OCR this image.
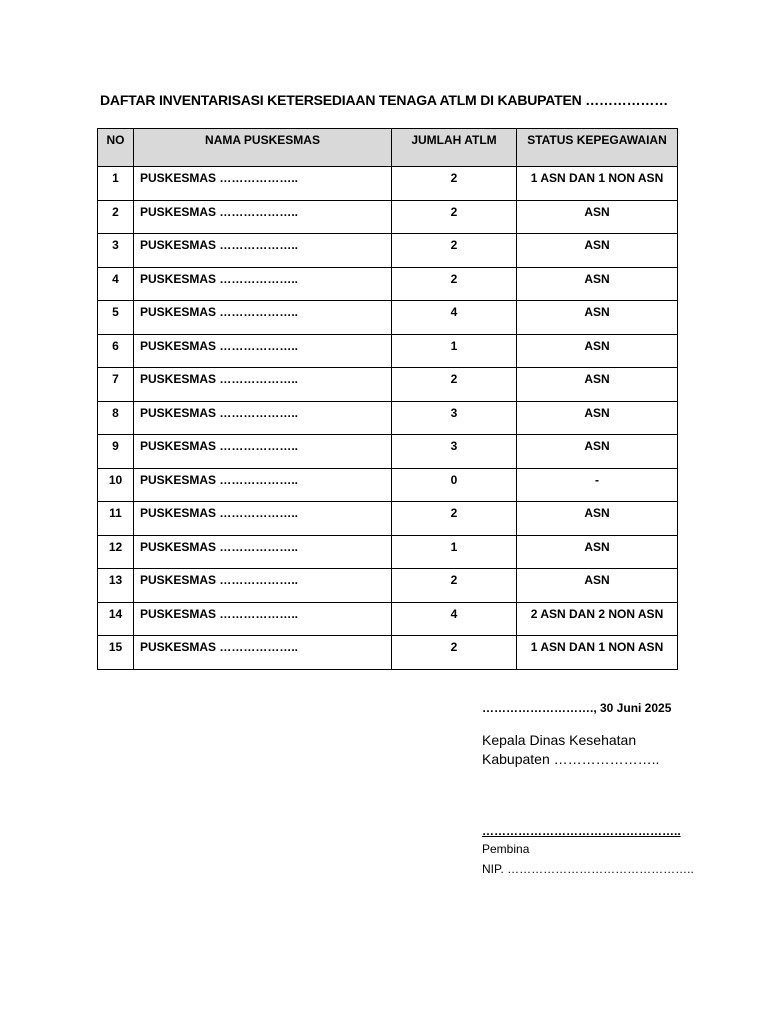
DAFTAR INVENTARISASI KETERSEDIAAN TENAGA ATLM DI KABUPATEN ………………
NO	NAMA PUSKESMAS	JUMLAH ATLM	STATUS KEPEGAWAIAN
1	PUSKESMAS ………………..	2	1 ASN DAN 1 NON ASN
2	PUSKESMAS ………………..	2	ASN
3	PUSKESMAS ………………..	2	ASN
4	PUSKESMAS ………………..	2	ASN
5	PUSKESMAS ………………..	4	ASN
6	PUSKESMAS ………………..	1	ASN
7	PUSKESMAS ………………..	2	ASN
8	PUSKESMAS ………………..	3	ASN
9	PUSKESMAS ………………..	3	ASN
10	PUSKESMAS ………………..	0	-
11	PUSKESMAS ………………..	2	ASN
12	PUSKESMAS ………………..	1	ASN
13	PUSKESMAS ………………..	2	ASN
14	PUSKESMAS ………………..	4	2 ASN DAN 2 NON ASN
15	PUSKESMAS ………………..	2	1 ASN DAN 1 NON ASN
………………………., 30 Juni 2025
Kepala Dinas Kesehatan
Kabupaten …………………..
…………………………………………..
Pembina
NIP. ………………………………………..
